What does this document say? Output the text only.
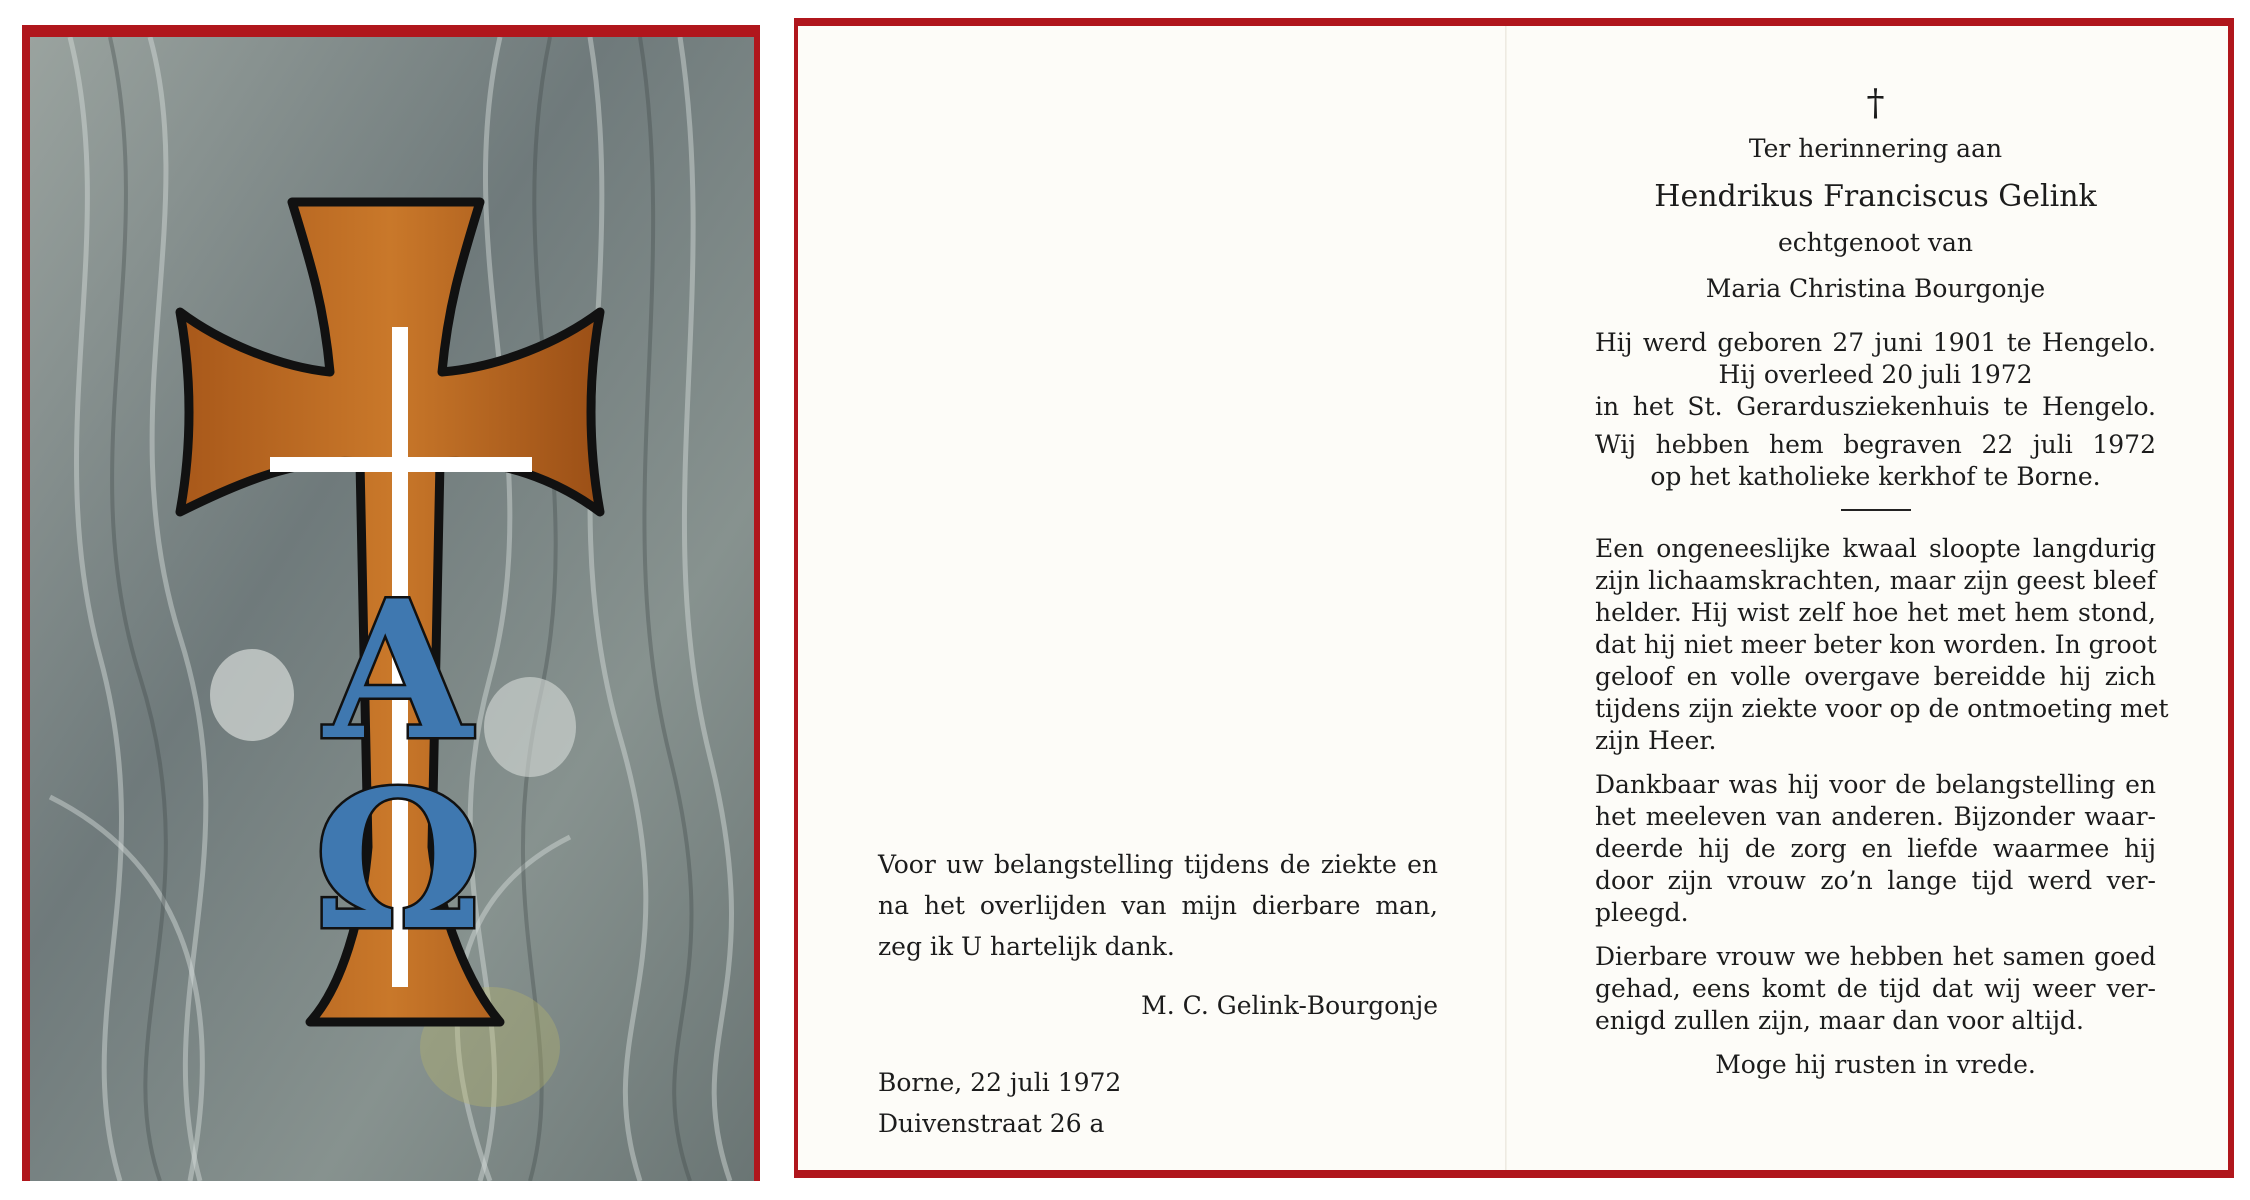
Α
Ω	Voor uw belangstelling tijdens de ziekte en
na het overlijden van mijn dierbare man,
zeg ik U hartelijk dank.
M. C. Gelink-Bourgonje
Borne, 22 juli 1972
Duivenstraat 26 a
†
Ter herinnering aan
Hendrikus Franciscus Gelink
echtgenoot van
Maria Christina Bourgonje
Hij werd geboren 27 juni 1901 te Hengelo.
Hij overleed 20 juli 1972
in het St. Gerardusziekenhuis te Hengelo.
Wij hebben hem begraven 22 juli 1972
op het katholieke kerkhof te Borne.
Een ongeneeslijke kwaal sloopte langdurig
zijn lichaamskrachten, maar zijn geest bleef
helder. Hij wist zelf hoe het met hem stond,
dat hij niet meer beter kon worden. In groot
geloof en volle overgave bereidde hij zich
tijdens zijn ziekte voor op de ontmoeting met
zijn Heer.
Dankbaar was hij voor de belangstelling en
het meeleven van anderen. Bijzonder waar-
deerde hij de zorg en liefde waarmee hij
door zijn vrouw zo’n lange tijd werd ver-
pleegd.
Dierbare vrouw we hebben het samen goed
gehad, eens komt de tijd dat wij weer ver-
enigd zullen zijn, maar dan voor altijd.
Moge hij rusten in vrede.
